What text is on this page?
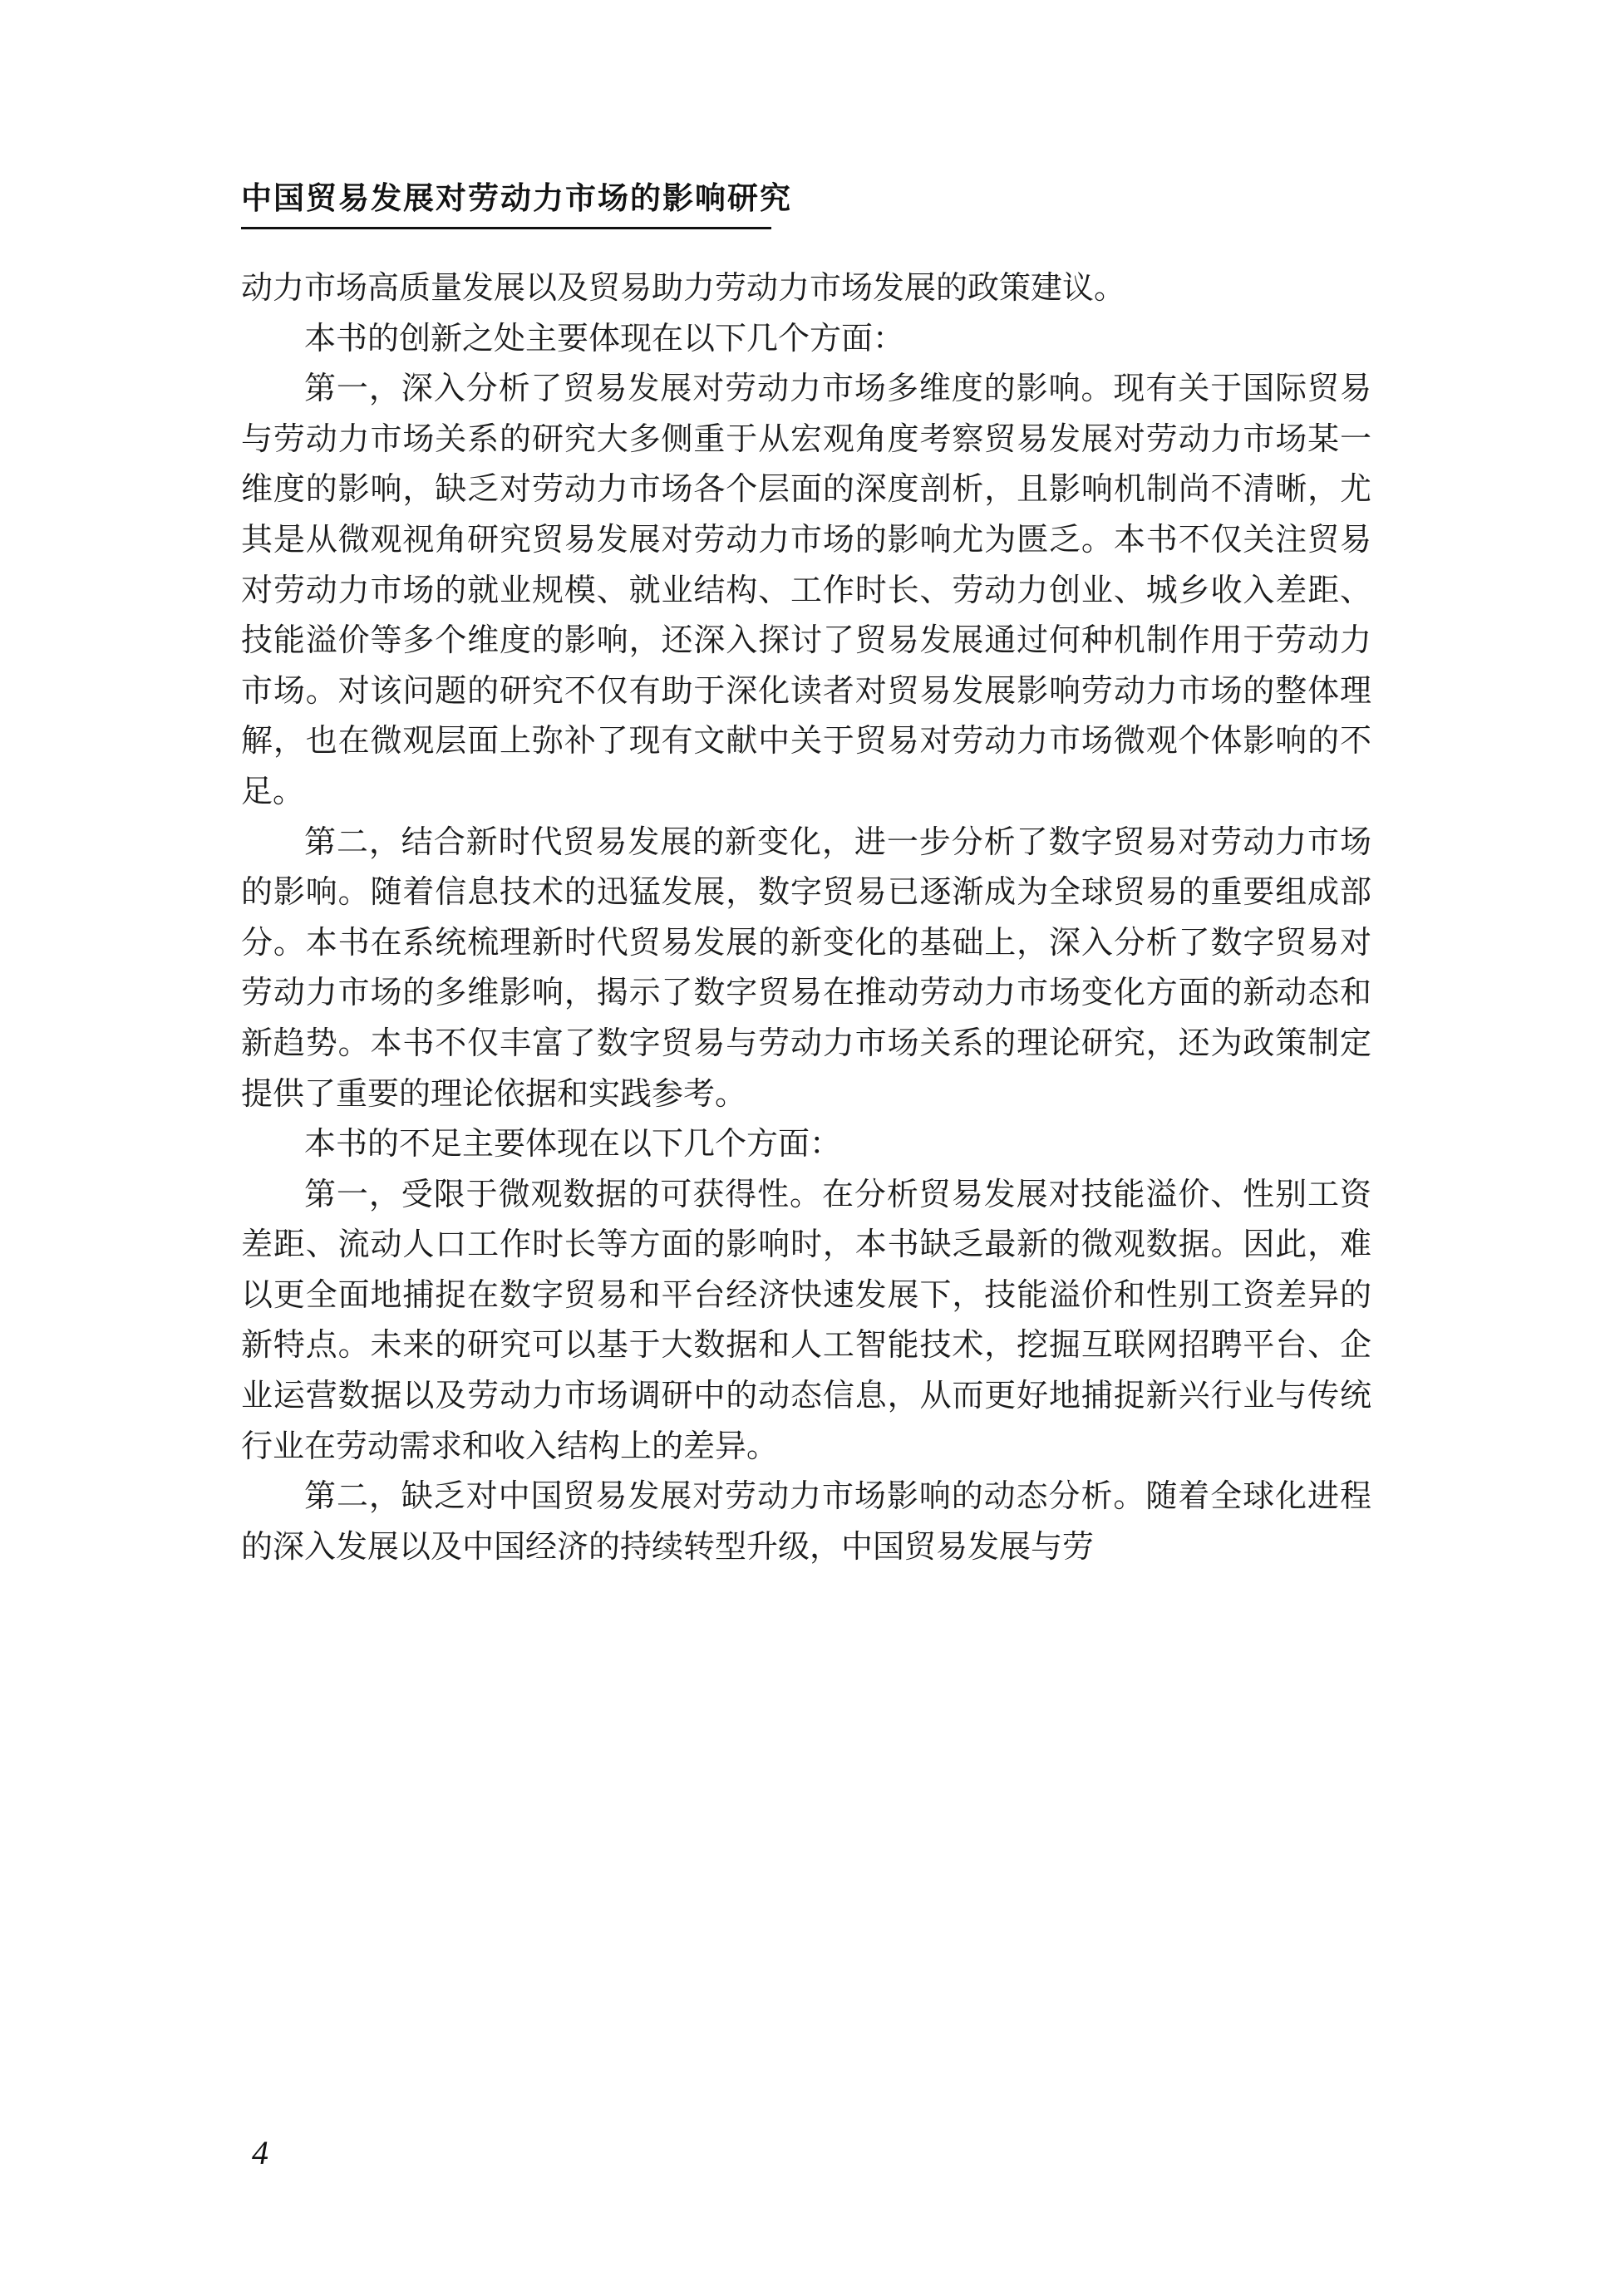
中国贸易发展对劳动力市场的影响研究

动力市场高质量发展以及贸易助力劳动力市场发展的政策建议。

本书的创新之处主要体现在以下几个方面：

第一，深入分析了贸易发展对劳动力市场多维度的影响。现有关于国际贸易与劳动力市场关系的研究大多侧重于从宏观角度考察贸易发展对劳动力市场某一维度的影响，缺乏对劳动力市场各个层面的深度剖析，且影响机制尚不清晰，尤其是从微观视角研究贸易发展对劳动力市场的影响尤为匮乏。本书不仅关注贸易对劳动力市场的就业规模、就业结构、工作时长、劳动力创业、城乡收入差距、技能溢价等多个维度的影响，还深入探讨了贸易发展通过何种机制作用于劳动力市场。对该问题的研究不仅有助于深化读者对贸易发展影响劳动力市场的整体理解，也在微观层面上弥补了现有文献中关于贸易对劳动力市场微观个体影响的不足。

第二，结合新时代贸易发展的新变化，进一步分析了数字贸易对劳动力市场的影响。随着信息技术的迅猛发展，数字贸易已逐渐成为全球贸易的重要组成部分。本书在系统梳理新时代贸易发展的新变化的基础上，深入分析了数字贸易对劳动力市场的多维影响，揭示了数字贸易在推动劳动力市场变化方面的新动态和新趋势。本书不仅丰富了数字贸易与劳动力市场关系的理论研究，还为政策制定提供了重要的理论依据和实践参考。

本书的不足主要体现在以下几个方面：

第一，受限于微观数据的可获得性。在分析贸易发展对技能溢价、性别工资差距、流动人口工作时长等方面的影响时，本书缺乏最新的微观数据。因此，难以更全面地捕捉在数字贸易和平台经济快速发展下，技能溢价和性别工资差异的新特点。未来的研究可以基于大数据和人工智能技术，挖掘互联网招聘平台、企业运营数据以及劳动力市场调研中的动态信息，从而更好地捕捉新兴行业与传统行业在劳动需求和收入结构上的差异。

第二，缺乏对中国贸易发展对劳动力市场影响的动态分析。随着全球化进程的深入发展以及中国经济的持续转型升级，中国贸易发展与劳

4
